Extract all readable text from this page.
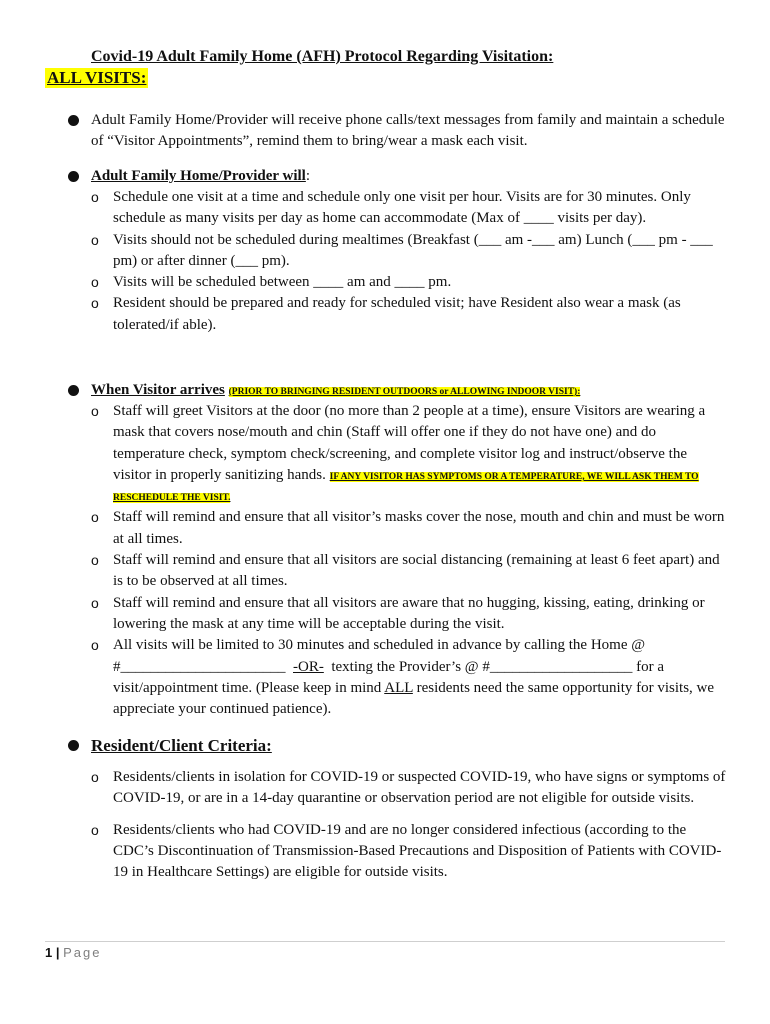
Covid-19 Adult Family Home (AFH) Protocol Regarding Visitation:
ALL VISITS:
Adult Family Home/Provider will receive phone calls/text messages from family and maintain a schedule of “Visitor Appointments”, remind them to bring/wear a mask each visit.
Adult Family Home/Provider will:
o Schedule one visit at a time and schedule only one visit per hour. Visits are for 30 minutes. Only schedule as many visits per day as home can accommodate (Max of ____ visits per day).
o Visits should not be scheduled during mealtimes (Breakfast (___ am -___ am) Lunch (___ pm - ___ pm) or after dinner (___ pm).
o Visits will be scheduled between ____ am and ____ pm.
o Resident should be prepared and ready for scheduled visit; have Resident also wear a mask (as tolerated/if able).
When Visitor arrives (PRIOR TO BRINGING RESIDENT OUTDOORS or ALLOWING INDOOR VISIT):
o Staff will greet Visitors at the door (no more than 2 people at a time), ensure Visitors are wearing a mask that covers nose/mouth and chin (Staff will offer one if they do not have one) and do temperature check, symptom check/screening, and complete visitor log and instruct/observe the visitor in properly sanitizing hands. IF ANY VISITOR HAS SYMPTOMS OR A TEMPERATURE, WE WILL ASK THEM TO RESCHEDULE THE VISIT.
o Staff will remind and ensure that all visitor’s masks cover the nose, mouth and chin and must be worn at all times.
o Staff will remind and ensure that all visitors are social distancing (remaining at least 6 feet apart) and is to be observed at all times.
o Staff will remind and ensure that all visitors are aware that no hugging, kissing, eating, drinking or lowering the mask at any time will be acceptable during the visit.
o All visits will be limited to 30 minutes and scheduled in advance by calling the Home @ #______________________ -OR- texting the Provider’s @ #___________________ for a visit/appointment time. (Please keep in mind ALL residents need the same opportunity for visits, we appreciate your continued patience).
Resident/Client Criteria:
o Residents/clients in isolation for COVID-19 or suspected COVID-19, who have signs or symptoms of COVID-19, or are in a 14-day quarantine or observation period are not eligible for outside visits.
o Residents/clients who had COVID-19 and are no longer considered infectious (according to the CDC’s Discontinuation of Transmission-Based Precautions and Disposition of Patients with COVID-19 in Healthcare Settings) are eligible for outside visits.
1 | Page
